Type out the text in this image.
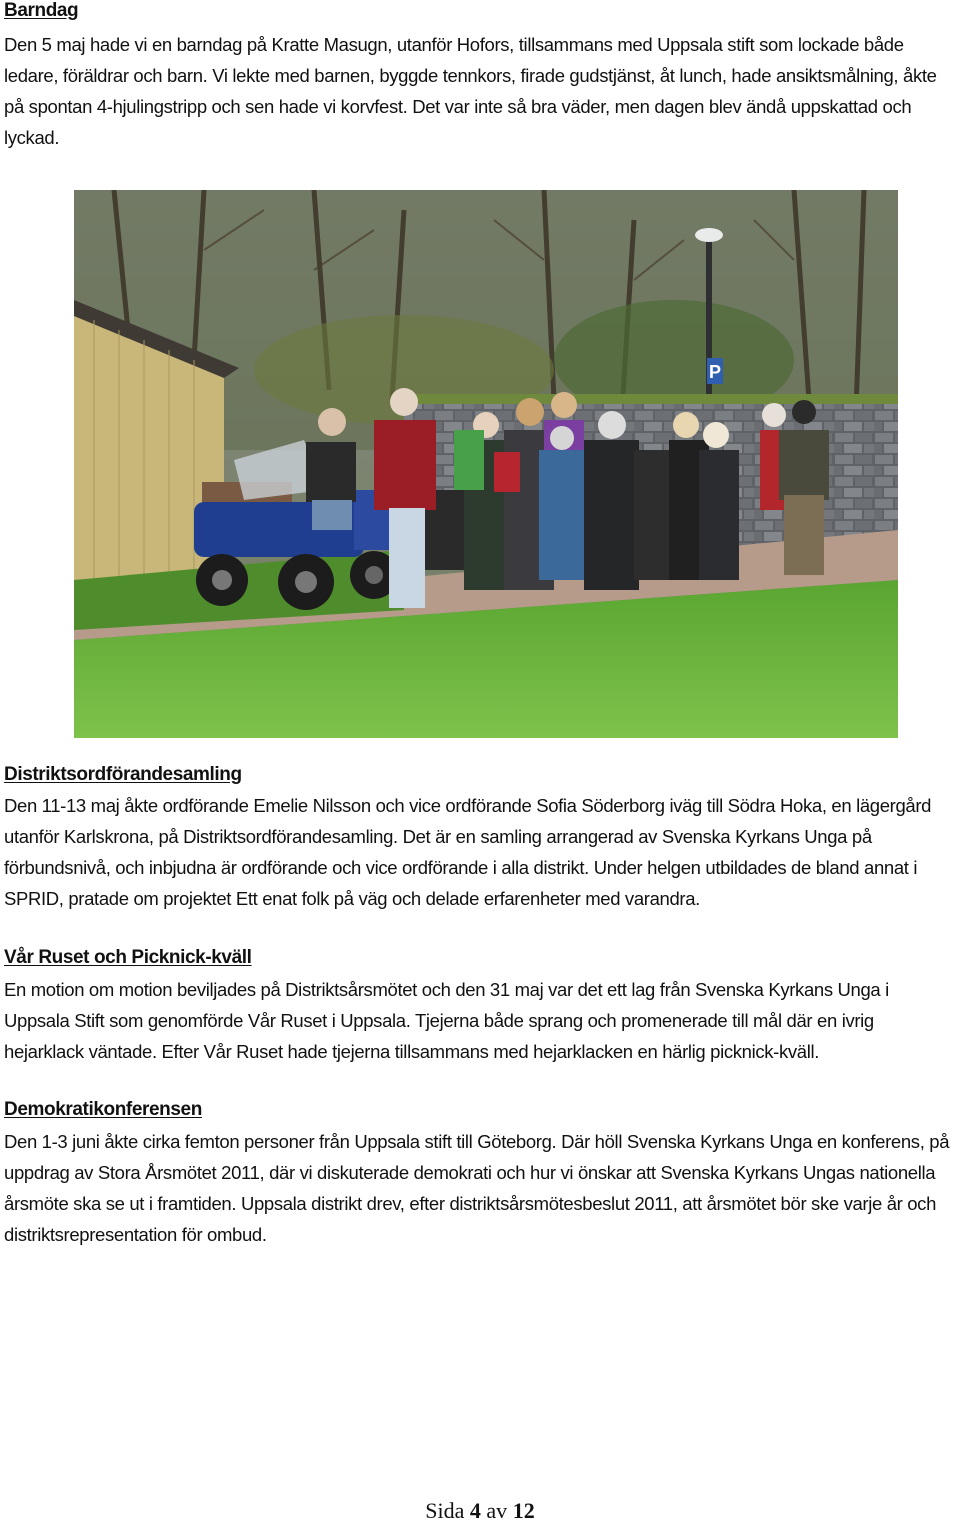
Barndag
Den 5 maj hade vi en barndag på Kratte Masugn, utanför Hofors, tillsammans med Uppsala stift som lockade både ledare, föräldrar och barn. Vi lekte med barnen, byggde tennkors, firade gudstjänst, åt lunch, hade ansiktsmålning, åkte på spontan 4-hjulingstripp och sen hade vi korvfest. Det var inte så bra väder, men dagen blev ändå uppskattad och lyckad.
P
Distriktsordförandesamling
Den 11-13 maj åkte ordförande Emelie Nilsson och vice ordförande Sofia Söderborg iväg till Södra Hoka, en lägergård utanför Karlskrona, på Distriktsordförandesamling. Det är en samling arrangerad av Svenska Kyrkans Unga på förbundsnivå, och inbjudna är ordförande och vice ordförande i alla distrikt. Under helgen utbildades de bland annat i SPRID, pratade om projektet Ett enat folk på väg och delade erfarenheter med varandra.
Vår Ruset och Picknick-kväll
En motion om motion beviljades på Distriktsårsmötet och den 31 maj var det ett lag från Svenska Kyrkans Unga i Uppsala Stift som genomförde Vår Ruset i Uppsala. Tjejerna både sprang och promenerade till mål där en ivrig hejarklack väntade. Efter Vår Ruset hade tjejerna tillsammans med hejarklacken en härlig picknick-kväll.
Demokratikonferensen
Den 1-3 juni åkte cirka femton personer från Uppsala stift till Göteborg. Där höll Svenska Kyrkans Unga en konferens, på uppdrag av Stora Årsmötet 2011, där vi diskuterade demokrati och hur vi önskar att Svenska Kyrkans Ungas nationella årsmöte ska se ut i framtiden. Uppsala distrikt drev, efter distriktsårsmötesbeslut 2011, att årsmötet bör ske varje år och distriktsrepresentation för ombud.
Sida 4 av 12
